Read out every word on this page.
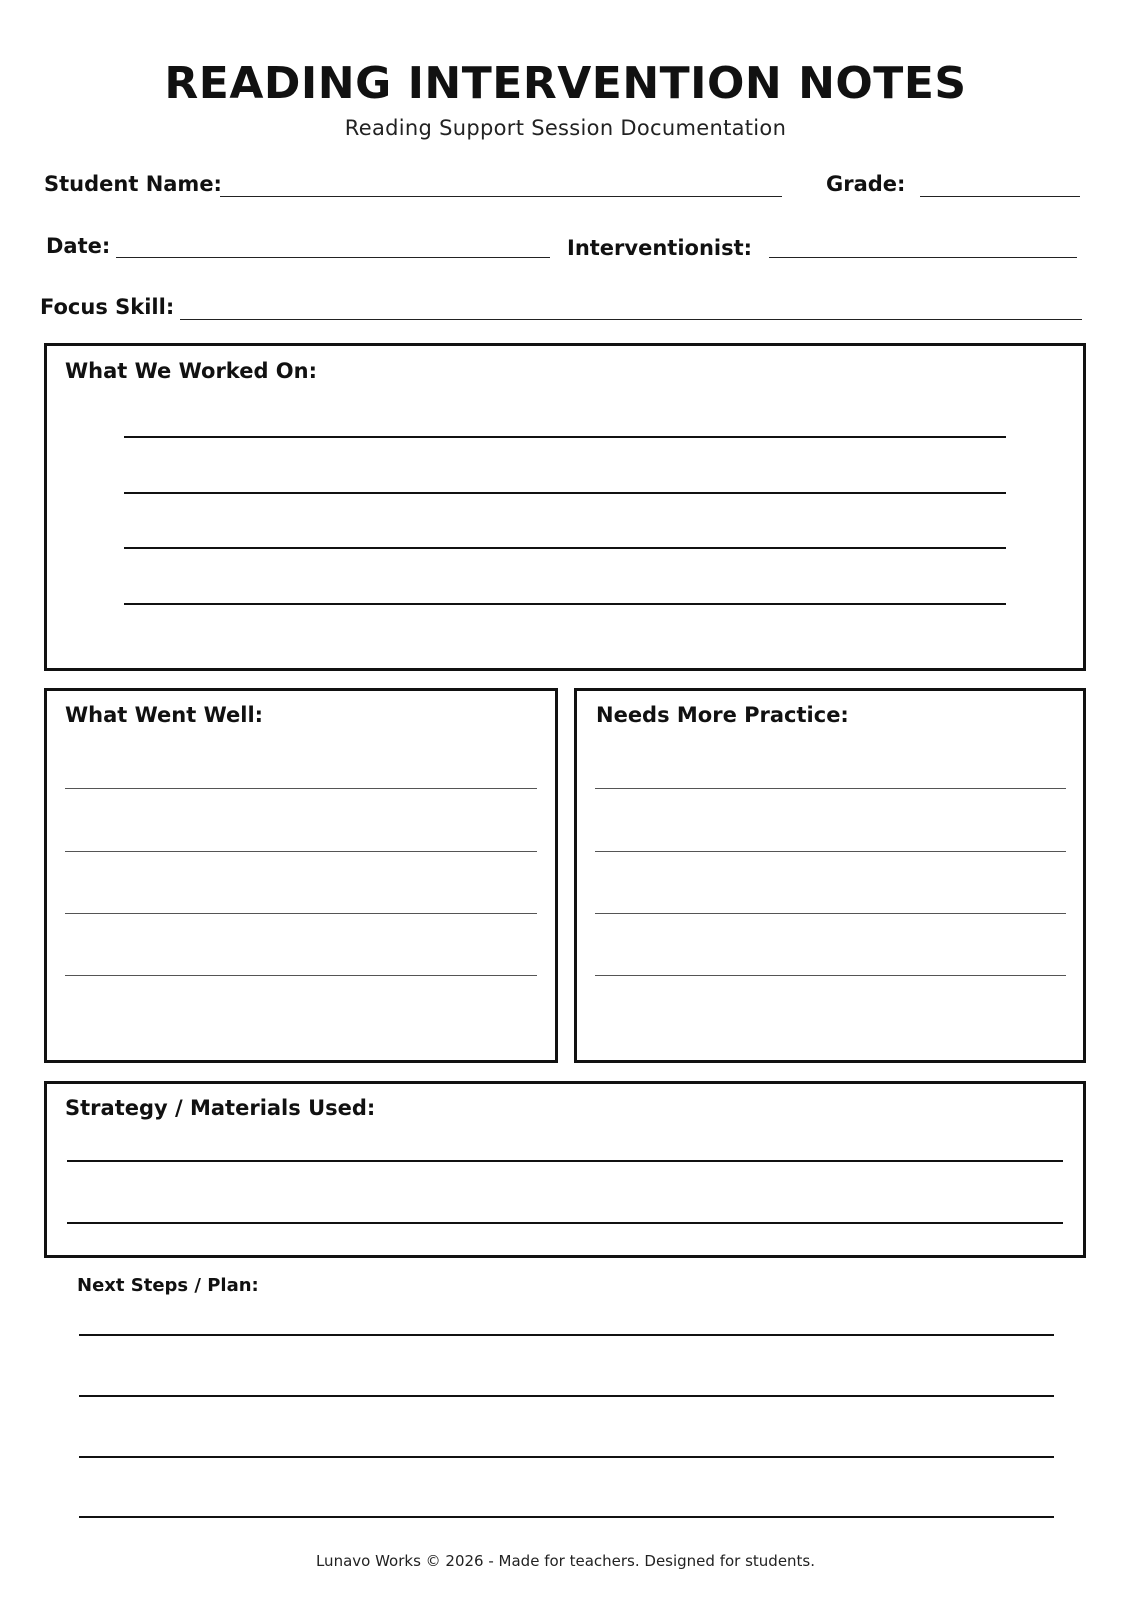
READING INTERVENTION NOTES
Reading Support Session Documentation
Student Name:	Grade:
Date:	Interventionist:
Focus Skill:
What We Worked On:
What Went Well:	Needs More Practice:
Strategy / Materials Used:
Next Steps / Plan:
Lunavo Works © 2026 - Made for teachers. Designed for students.
